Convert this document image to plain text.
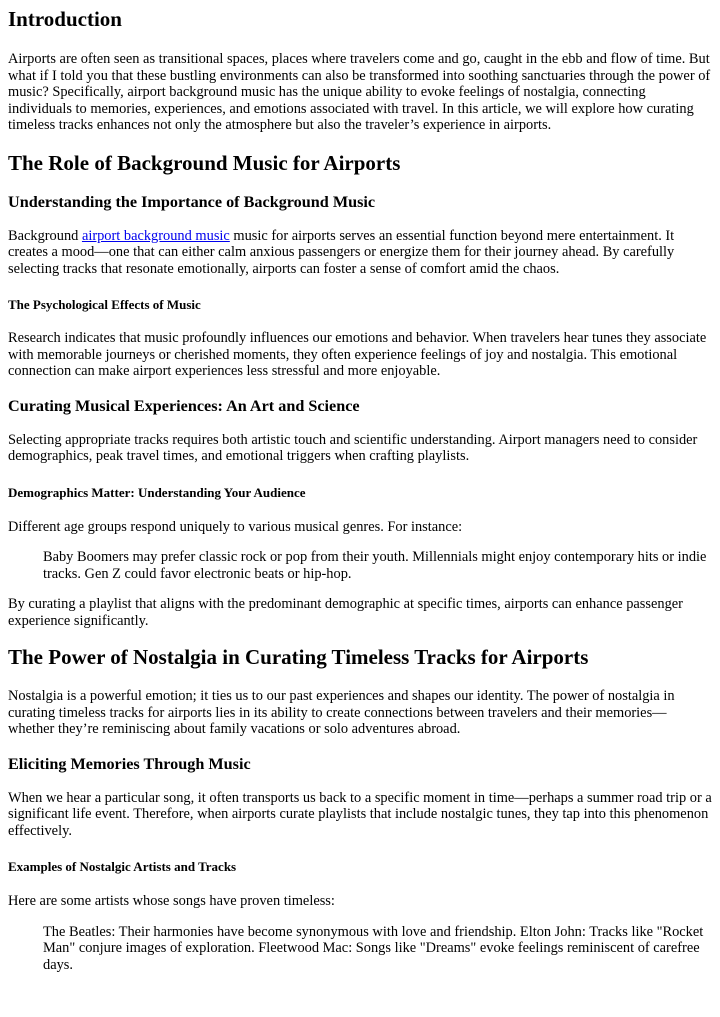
Introduction

Airports are often seen as transitional spaces, places where travelers come and go, caught in the ebb and flow of time. But what if I told you that these bustling environments can also be transformed into soothing sanctuaries through the power of music? Specifically, airport background music has the unique ability to evoke feelings of nostalgia, connecting individuals to memories, experiences, and emotions associated with travel. In this article, we will explore how curating timeless tracks enhances not only the atmosphere but also the traveler’s experience in airports.

The Role of Background Music for Airports
Understanding the Importance of Background Music

Background airport background music music for airports serves an essential function beyond mere entertainment. It creates a mood—one that can either calm anxious passengers or energize them for their journey ahead. By carefully selecting tracks that resonate emotionally, airports can foster a sense of comfort amid the chaos.

The Psychological Effects of Music

Research indicates that music profoundly influences our emotions and behavior. When travelers hear tunes they associate with memorable journeys or cherished moments, they often experience feelings of joy and nostalgia. This emotional connection can make airport experiences less stressful and more enjoyable.

Curating Musical Experiences: An Art and Science

Selecting appropriate tracks requires both artistic touch and scientific understanding. Airport managers need to consider demographics, peak travel times, and emotional triggers when crafting playlists.

Demographics Matter: Understanding Your Audience

Different age groups respond uniquely to various musical genres. For instance:

Baby Boomers may prefer classic rock or pop from their youth. Millennials might enjoy contemporary hits or indie tracks. Gen Z could favor electronic beats or hip-hop.

By curating a playlist that aligns with the predominant demographic at specific times, airports can enhance passenger experience significantly.

The Power of Nostalgia in Curating Timeless Tracks for Airports

Nostalgia is a powerful emotion; it ties us to our past experiences and shapes our identity. The power of nostalgia in curating timeless tracks for airports lies in its ability to create connections between travelers and their memories—whether they’re reminiscing about family vacations or solo adventures abroad.

Eliciting Memories Through Music

When we hear a particular song, it often transports us back to a specific moment in time—perhaps a summer road trip or a significant life event. Therefore, when airports curate playlists that include nostalgic tunes, they tap into this phenomenon effectively.

Examples of Nostalgic Artists and Tracks

Here are some artists whose songs have proven timeless:

The Beatles: Their harmonies have become synonymous with love and friendship. Elton John: Tracks like "Rocket Man" conjure images of exploration. Fleetwood Mac: Songs like "Dreams" evoke feelings reminiscent of carefree days.
